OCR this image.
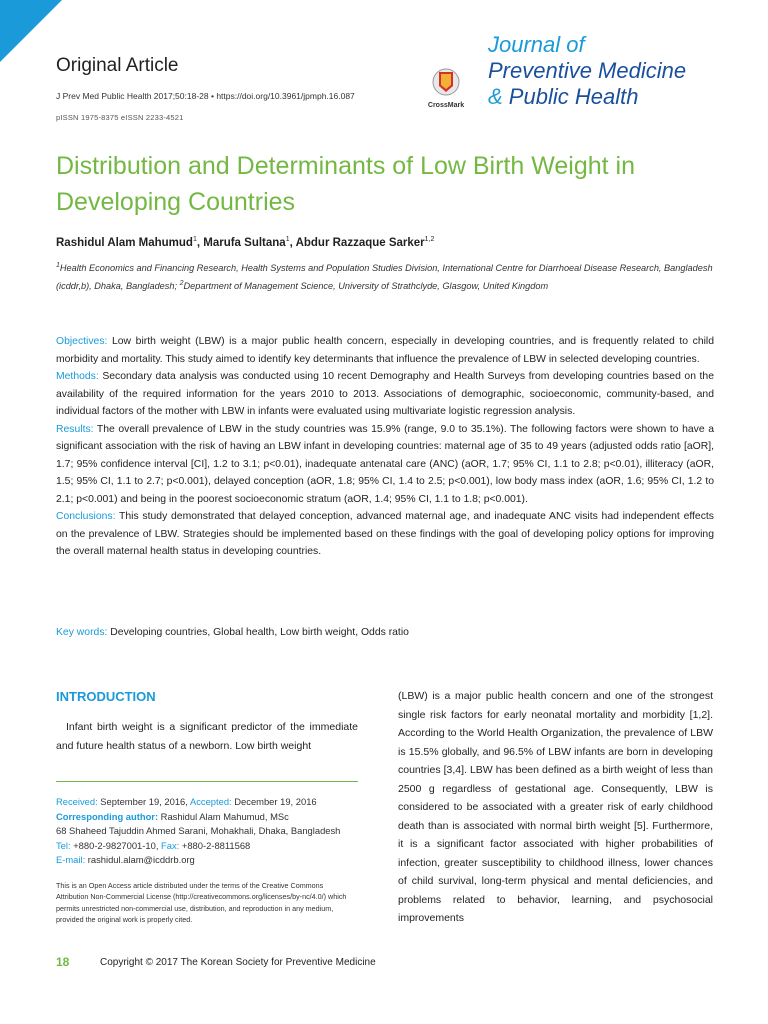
Original Article
J Prev Med Public Health 2017;50:18-28 • https://doi.org/10.3961/jpmph.16.087
pISSN 1975-8375 eISSN 2233-4521
CrossMark
Journal of
Preventive Medicine
& Public Health
Distribution and Determinants of Low Birth Weight in Developing Countries
Rashidul Alam Mahumud$^1$, Marufa Sultana$^1$, Abdur Razzaque Sarker$^{1,2}$
$^1$Health Economics and Financing Research, Health Systems and Population Studies Division, International Centre for Diarrhoeal Disease Research, Bangladesh (icddr,b), Dhaka, Bangladesh; $^2$Department of Management Science, University of Strathclyde, Glasgow, United Kingdom

Objectives: Low birth weight (LBW) is a major public health concern, especially in developing countries, and is frequently related to child morbidity and mortality. This study aimed to identify key determinants that influence the prevalence of LBW in selected developing countries.

Methods: Secondary data analysis was conducted using 10 recent Demography and Health Surveys from developing countries based on the availability of the required information for the years 2010 to 2013. Associations of demographic, socioeconomic, community-based, and individual factors of the mother with LBW in infants were evaluated using multivariate logistic regression analysis.

Results: The overall prevalence of LBW in the study countries was 15.9% (range, 9.0 to 35.1%). The following factors were shown to have a significant association with the risk of having an LBW infant in developing countries: maternal age of 35 to 49 years (adjusted odds ratio [aOR], 1.7; 95% confidence interval [CI], 1.2 to 3.1; p<0.01), inadequate antenatal care (ANC) (aOR, 1.7; 95% CI, 1.1 to 2.8; p<0.01), illiteracy (aOR, 1.5; 95% CI, 1.1 to 2.7; p<0.001), delayed conception (aOR, 1.8; 95% CI, 1.4 to 2.5; p<0.001), low body mass index (aOR, 1.6; 95% CI, 1.2 to 2.1; p<0.001) and being in the poorest socioeconomic stratum (aOR, 1.4; 95% CI, 1.1 to 1.8; p<0.001).

Conclusions: This study demonstrated that delayed conception, advanced maternal age, and inadequate ANC visits had independent effects on the prevalence of LBW. Strategies should be implemented based on these findings with the goal of developing policy options for improving the overall maternal health status in developing countries.

Key words: Developing countries, Global health, Low birth weight, Odds ratio
INTRODUCTION

Infant birth weight is a significant predictor of the immediate and future health status of a newborn. Low birth weight

Received: September 19, 2016, Accepted: December 19, 2016
Corresponding author: Rashidul Alam Mahumud, MSc
68 Shaheed Tajuddin Ahmed Sarani, Mohakhali, Dhaka, Bangladesh
Tel: +880-2-9827001-10, Fax: +880-2-8811568
E-mail: rashidul.alam@icddrb.org

This is an Open Access article distributed under the terms of the Creative Commons Attribution Non-Commercial License (http://creativecommons.org/licenses/by-nc/4.0/) which permits unrestricted non-commercial use, distribution, and reproduction in any medium, provided the original work is properly cited.

(LBW) is a major public health concern and one of the strongest single risk factors for early neonatal mortality and morbidity [1,2]. According to the World Health Organization, the prevalence of LBW is 15.5% globally, and 96.5% of LBW infants are born in developing countries [3,4]. LBW has been defined as a birth weight of less than 2500 g regardless of gestational age. Consequently, LBW is considered to be associated with a greater risk of early childhood death than is associated with normal birth weight [5]. Furthermore, it is a significant factor associated with higher probabilities of infection, greater susceptibility to childhood illness, lower chances of child survival, long-term physical and mental deficiencies, and problems related to behavior, learning, and psychosocial improvements

18	Copyright © 2017 The Korean Society for Preventive Medicine
